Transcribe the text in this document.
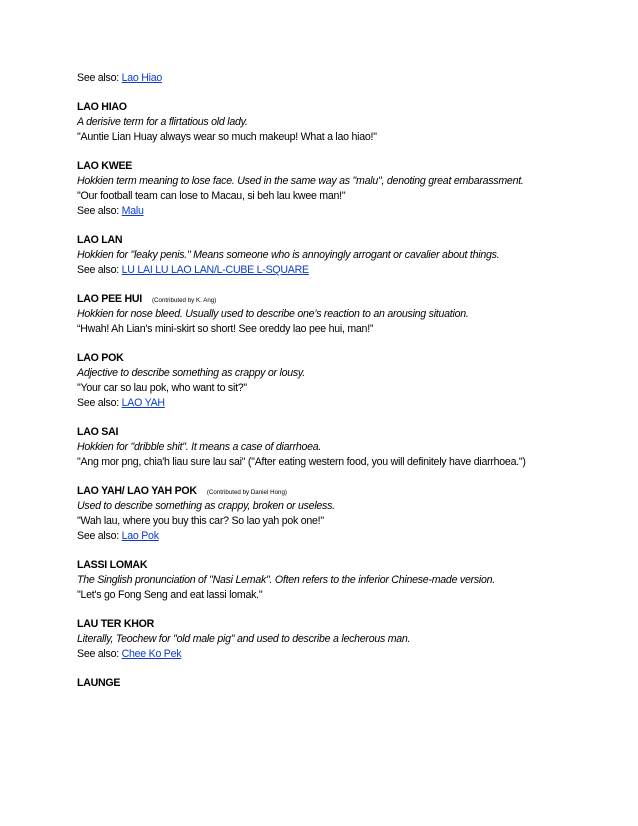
See also: Lao Hiao
LAO HIAO
A derisive term for a flirtatious old lady.
"Auntie Lian Huay always wear so much makeup! What a lao hiao!"
LAO KWEE
Hokkien term meaning to lose face. Used in the same way as "malu", denoting great embarassment.
"Our football team can lose to Macau, si beh lau kwee man!"
See also: Malu
LAO LAN
Hokkien for "leaky penis." Means someone who is annoyingly arrogant or cavalier about things.
See also: LU LAI LU LAO LAN/L-CUBE L-SQUARE
LAO PEE HUI (Contributed by K. Ang)
Hokkien for nose bleed. Usually used to describe one’s reaction to an arousing situation.
“Hwah! Ah Lian's mini-skirt so short! See oreddy lao pee hui, man!”
LAO POK
Adjective to describe something as crappy or lousy.
"Your car so lau pok, who want to sit?"
See also: LAO YAH
LAO SAI
Hokkien for "dribble shit". It means a case of diarrhoea.
"Ang mor png, chia'h liau sure lau sai" ("After eating western food, you will definitely have diarrhoea.")
LAO YAH/ LAO YAH POK (Contributed by Daniel Hong)
Used to describe something as crappy, broken or useless.
"Wah lau, where you buy this car? So lao yah pok one!"
See also: Lao Pok
LASSI LOMAK
The Singlish pronunciation of "Nasi Lemak". Often refers to the inferior Chinese-made version.
"Let's go Fong Seng and eat lassi lomak."
LAU TER KHOR
Literally, Teochew for "old male pig" and used to describe a lecherous man.
See also: Chee Ko Pek
LAUNGE
